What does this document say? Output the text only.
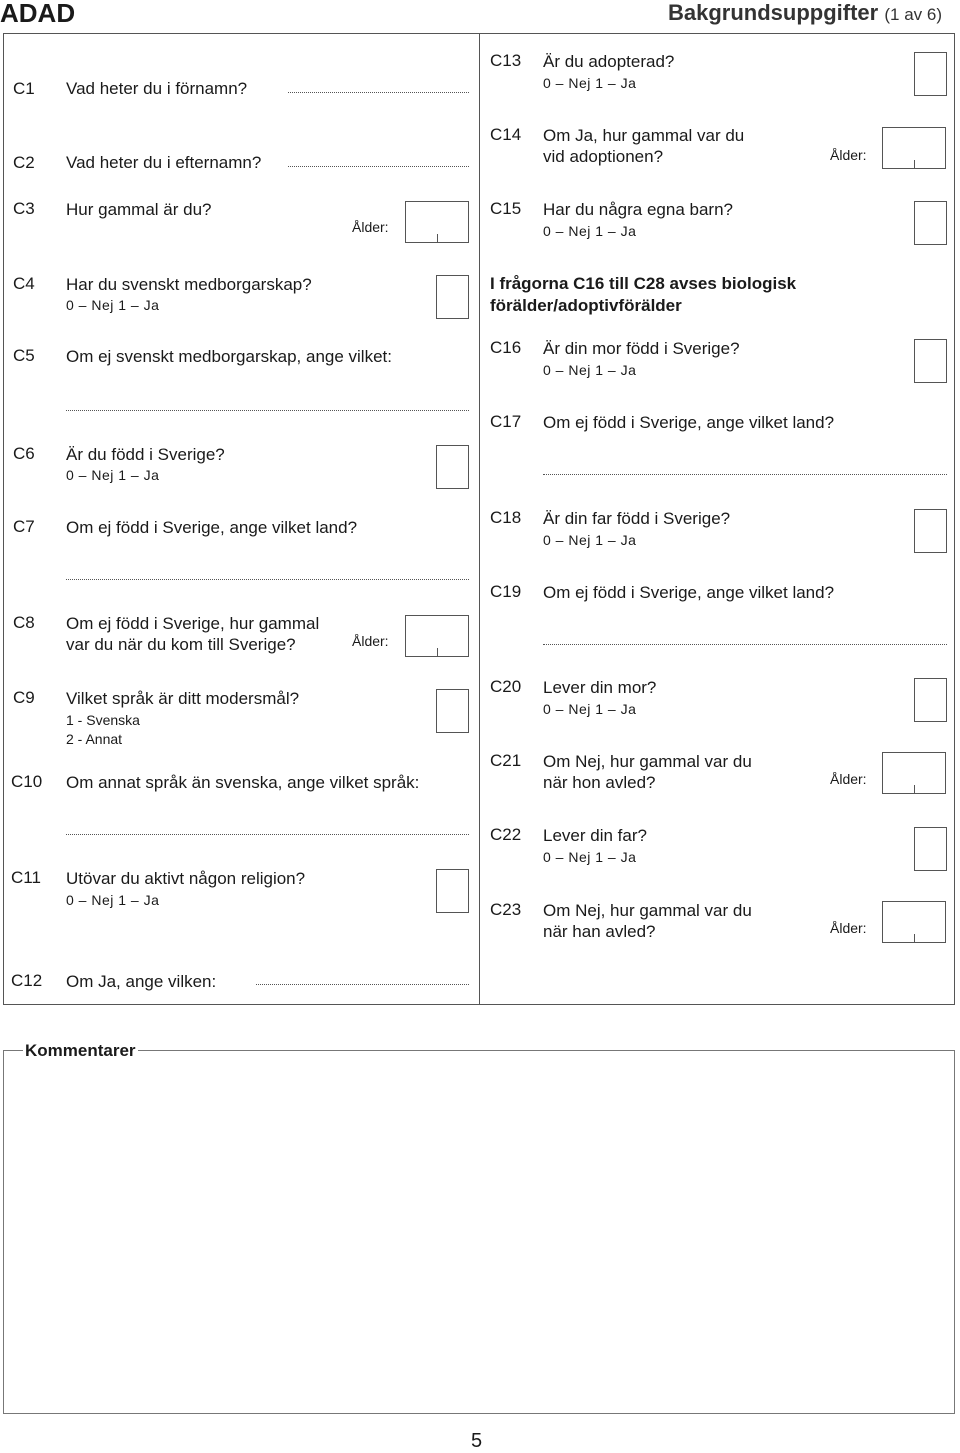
ADAD	Bakgrundsuppgifter (1 av 6)
C1 Vad heter du i förnamn?
C2 Vad heter du i efternamn?
C3 Hur gammal är du?
Ålder:
C4 Har du svenskt medborgarskap?
0 – Nej 1 – Ja
C5 Om ej svenskt medborgarskap, ange vilket:
C6 Är du född i Sverige?
0 – Nej 1 – Ja
C7 Om ej född i Sverige, ange vilket land?
C8 Om ej född i Sverige, hur gammal
var du när du kom till Sverige?	Ålder:
C9 Vilket språk är ditt modersmål?
1 - Svenska
2 - Annat
C10 Om annat språk än svenska, ange vilket språk:
C11 Utövar du aktivt någon religion?
0 – Nej 1 – Ja
C12 Om Ja, ange vilken:
C13 Är du adopterad?
0 – Nej 1 – Ja
C14 Om Ja, hur gammal var du
vid adoptionen?	Ålder:
C15 Har du några egna barn?
0 – Nej 1 – Ja
I frågorna C16 till C28 avses biologisk
förälder/adoptivförälder
C16 Är din mor född i Sverige?
0 – Nej 1 – Ja
C17 Om ej född i Sverige, ange vilket land?
C18 Är din far född i Sverige?
0 – Nej 1 – Ja
C19 Om ej född i Sverige, ange vilket land?
C20 Lever din mor?
0 – Nej 1 – Ja
C21 Om Nej, hur gammal var du
när hon avled?	Ålder:
C22 Lever din far?
0 – Nej 1 – Ja
C23 Om Nej, hur gammal var du
när han avled?	Ålder:
Kommentarer
5
